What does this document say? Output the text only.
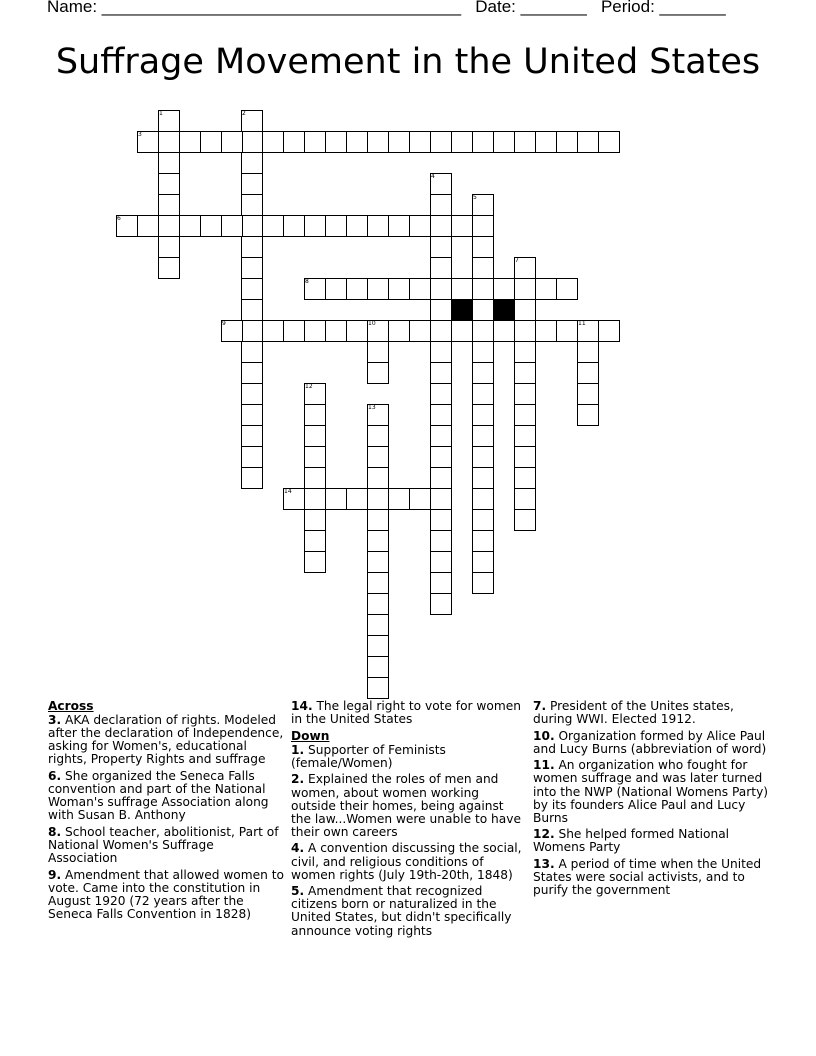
Name: ______________________________________   Date: _______   Period: _______
Suffrage Movement in the United States
1	2
3
6
4
5
7
8
9	10	11
12
13
14
Across
3. AKA declaration of rights. Modeled after the declaration of Independence, asking for Women's, educational rights, Property Rights and suffrage
6. She organized the Seneca Falls convention and part of the National Woman's suffrage Association along with Susan B. Anthony
8. School teacher, abolitionist, Part of National Women's Suffrage Association
9. Amendment that allowed women to vote. Came into the constitution in August 1920 (72 years after the Seneca Falls Convention in 1828)
14. The legal right to vote for women in the United States
Down
1. Supporter of Feminists (female/Women)
2. Explained the roles of men and women, about women working outside their homes, being against the law...Women were unable to have their own careers
4. A convention discussing the social, civil, and religious conditions of women rights (July 19th-20th, 1848)
5. Amendment that recognized citizens born or naturalized in the United States, but didn't specifically announce voting rights
7. President of the Unites states, during WWI. Elected 1912.
10. Organization formed by Alice Paul and Lucy Burns (abbreviation of word)
11. An organization who fought for women suffrage and was later turned into the NWP (National Womens Party) by its founders Alice Paul and Lucy Burns
12. She helped formed National Womens Party
13. A period of time when the United States were social activists, and to purify the government
